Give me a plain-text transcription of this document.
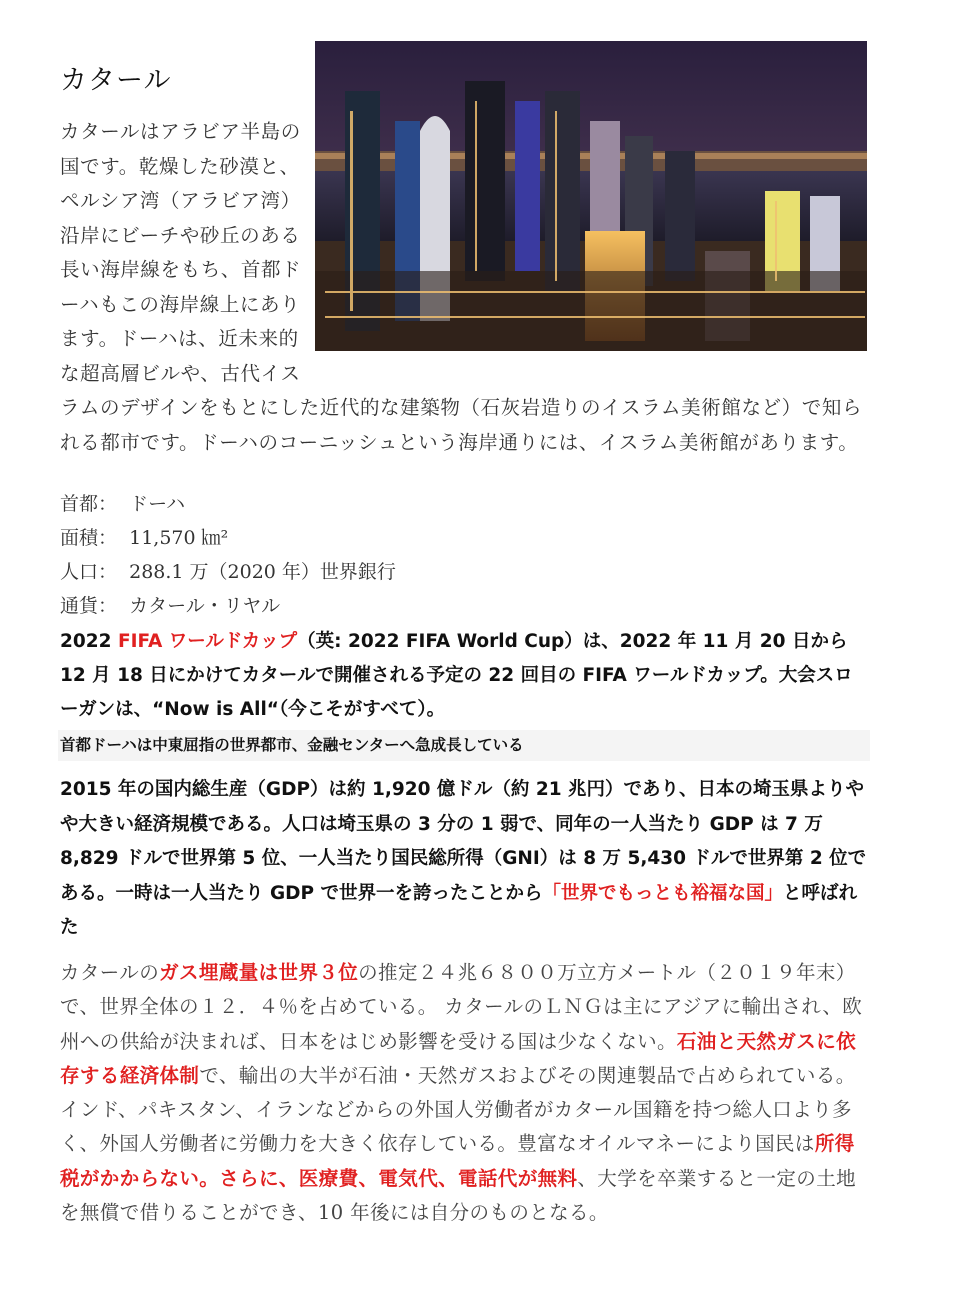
カタール

カタールはアラビア半島の国です。乾燥した砂漠と、ペルシア湾（アラビア湾）沿岸にビーチや砂丘のある長い海岸線をもち、首都ドーハもこの海岸線上にあります。ドーハは、近未来的な超高層ビルや、古代イスラムのデザインをもとにした近代的な建築物（石灰岩造りのイスラム美術館など）で知られる都市です。ドーハのコーニッシュという海岸通りには、イスラム美術館があります。

首都： ドーハ
面積： 11,570 ㎞²
人口： 288.1 万（2020 年）世界銀行
通貨： カタール・リヤル

2022 FIFA ワールドカップ（英: 2022 FIFA World Cup）は、2022 年 11 月 20 日から 12 月 18 日にかけてカタールで開催される予定の 22 回目の FIFA ワールドカップ。大会スローガンは、“Now is All“（今こそがすべて）。

首都ドーハは中東屈指の世界都市、金融センターへ急成長している

2015 年の国内総生産（GDP）は約 1,920 億ドル（約 21 兆円）であり、日本の埼玉県よりやや大きい経済規模である。人口は埼玉県の 3 分の 1 弱で、同年の一人当たり GDP は 7 万 8,829 ドルで世界第 5 位、一人当たり国民総所得（GNI）は 8 万 5,430 ドルで世界第 2 位である。一時は一人当たり GDP で世界一を誇ったことから「世界でもっとも裕福な国」と呼ばれた

カタールのガス埋蔵量は世界３位の推定２４兆６８００万立方メートル（２０１９年末）で、世界全体の１２．４％を占めている。 カタールのＬＮＧは主にアジアに輸出され、欧州への供給が決まれば、日本をはじめ影響を受ける国は少なくない。石油と天然ガスに依存する経済体制で、輸出の大半が石油・天然ガスおよびその関連製品で占められている。インド、パキスタン、イランなどからの外国人労働者がカタール国籍を持つ総人口より多く、外国人労働者に労働力を大きく依存している。豊富なオイルマネーにより国民は所得税がかからない。さらに、医療費、電気代、電話代が無料、大学を卒業すると一定の土地を無償で借りることができ、10 年後には自分のものとなる。
